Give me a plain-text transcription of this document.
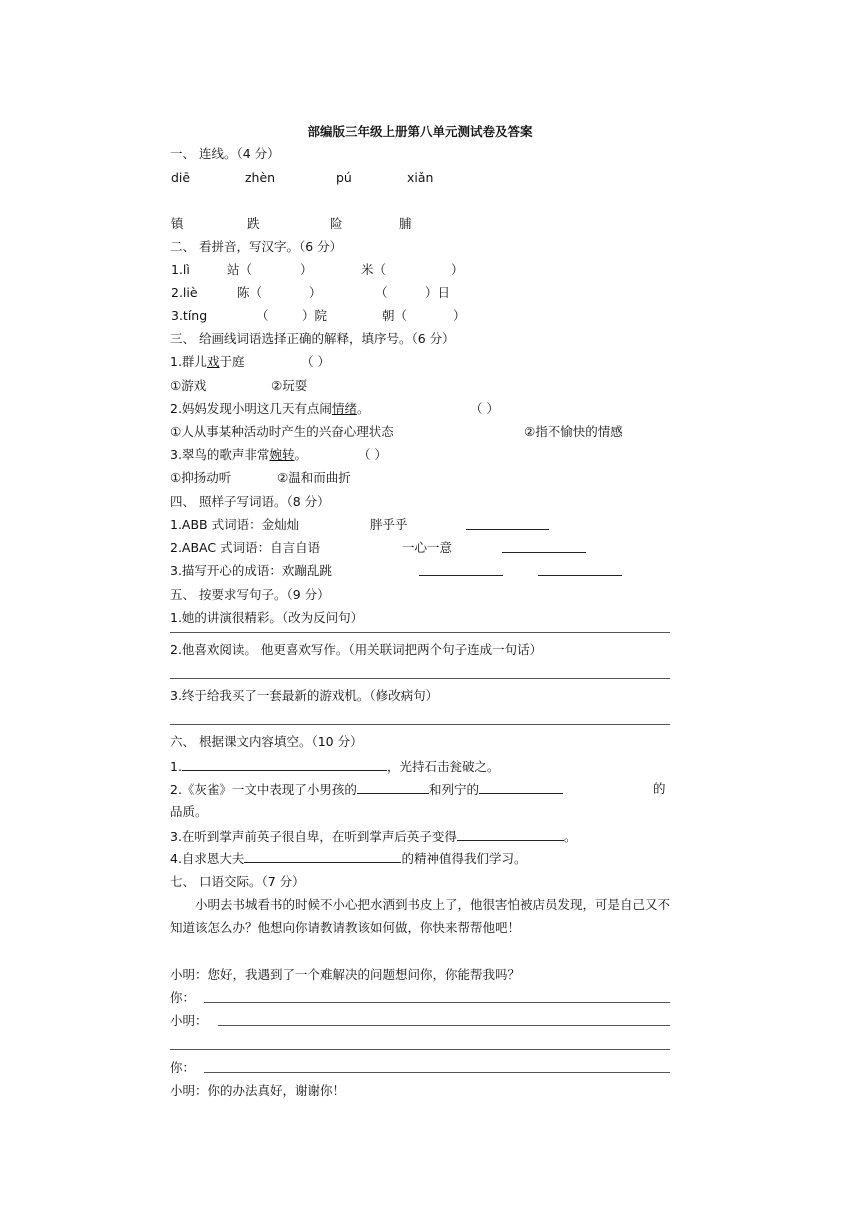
部编版三年级上册第八单元测试卷及答案
一、 连线。（4 分）
diē	zhèn	pú	xiǎn
镇	跌	险	脯
二、 看拼音，写汉字。（6 分）
1.lì	站（	）	米（	）
2.liè	陈（	）	（	）日
3.tíng	（	）院	朝（	）
三、 给画线词语选择正确的解释，填序号。（6 分）
1.群儿戏于庭	（ ）
①游戏	②玩耍
2.妈妈发现小明这几天有点闹情绪。	（ ）
①人从事某种活动时产生的兴奋心理状态	②指不愉快的情感
3.翠鸟的歌声非常婉转。	（ ）
①抑扬动听	②温和而曲折
四、 照样子写词语。（8 分）
1.ABB 式词语：金灿灿	胖乎乎
2.ABAC 式词语：自言自语	一心一意
3.描写开心的成语：欢蹦乱跳
五、 按要求写句子。（9 分）
1.她的讲演很精彩。（改为反问句）
2.他喜欢阅读。 他更喜欢写作。（用关联词把两个句子连成一句话）
3.终于给我买了一套最新的游戏机。（修改病句）
六、 根据课文内容填空。（10 分）
1.	，光持石击瓮破之。
2.《灰雀》一文中表现了小男孩的	和列宁的	的
品质。
3.在听到掌声前英子很自卑，在听到掌声后英子变得	。
4.自求恩大夫	的精神值得我们学习。
七、 口语交际。（7 分）
小明去书城看书的时候不小心把水洒到书皮上了，他很害怕被店员发现，可是自己又不知道该怎么办？他想向你请教请教该如何做，你快来帮帮他吧！
小明：您好，我遇到了一个难解决的问题想问你，你能帮我吗？
你：
小明：
你：
小明：你的办法真好，谢谢你！
